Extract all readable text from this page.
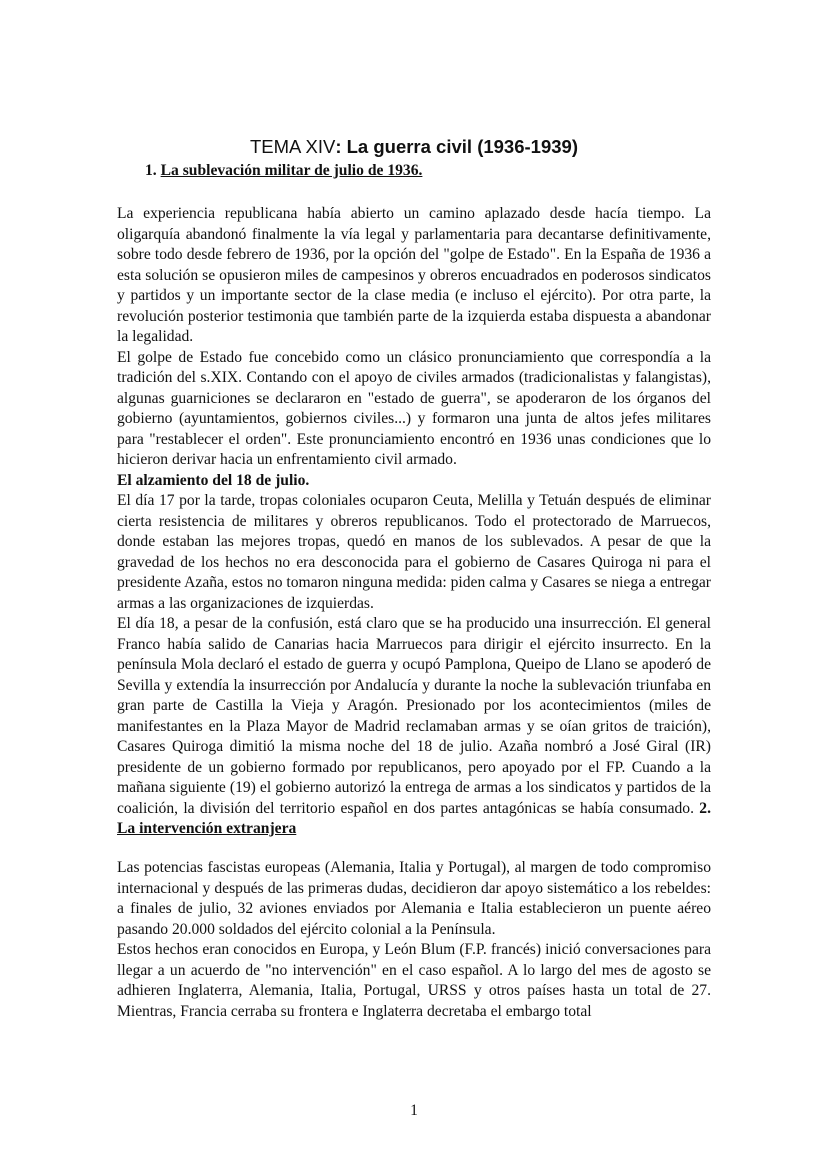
TEMA XIV: La guerra civil (1936-1939)
1. La sublevación militar de julio de 1936.

La experiencia republicana había abierto un camino aplazado desde hacía tiempo. La oligarquía abandonó finalmente la vía legal y parlamentaria para decantarse definitivamente, sobre todo desde febrero de 1936, por la opción del "golpe de Estado". En la España de 1936 a esta solución se opusieron miles de campesinos y obreros encuadrados en poderosos sindicatos y partidos y un importante sector de la clase media (e incluso el ejército). Por otra parte, la revolución posterior testimonia que también parte de la izquierda estaba dispuesta a abandonar la legalidad.

El golpe de Estado fue concebido como un clásico pronunciamiento que correspondía a la tradición del s.XIX. Contando con el apoyo de civiles armados (tradicionalistas y falangistas), algunas guarniciones se declararon en "estado de guerra", se apoderaron de los órganos del gobierno (ayuntamientos, gobiernos civiles...) y formaron una junta de altos jefes militares para "restablecer el orden". Este pronunciamiento encontró en 1936 unas condiciones que lo hicieron derivar hacia un enfrentamiento civil armado.

El alzamiento del 18 de julio.

El día 17 por la tarde, tropas coloniales ocuparon Ceuta, Melilla y Tetuán después de eliminar cierta resistencia de militares y obreros republicanos. Todo el protectorado de Marruecos, donde estaban las mejores tropas, quedó en manos de los sublevados. A pesar de que la gravedad de los hechos no era desconocida para el gobierno de Casares Quiroga ni para el presidente Azaña, estos no tomaron ninguna medida: piden calma y Casares se niega a entregar armas a las organizaciones de izquierdas.

El día 18, a pesar de la confusión, está claro que se ha producido una insurrección. El general Franco había salido de Canarias hacia Marruecos para dirigir el ejército insurrecto. En la península Mola declaró el estado de guerra y ocupó Pamplona, Queipo de Llano se apoderó de Sevilla y extendía la insurrección por Andalucía y durante la noche la sublevación triunfaba en gran parte de Castilla la Vieja y Aragón. Presionado por los acontecimientos (miles de manifestantes en la Plaza Mayor de Madrid reclamaban armas y se oían gritos de traición), Casares Quiroga dimitió la misma noche del 18 de julio. Azaña nombró a José Giral (IR) presidente de un gobierno formado por republicanos, pero apoyado por el FP. Cuando a la mañana siguiente (19) el gobierno autorizó la entrega de armas a los sindicatos y partidos de la coalición, la división del territorio español en dos partes antagónicas se había consumado. 2. La intervención extranjera

Las potencias fascistas europeas (Alemania, Italia y Portugal), al margen de todo compromiso internacional y después de las primeras dudas, decidieron dar apoyo sistemático a los rebeldes: a finales de julio, 32 aviones enviados por Alemania e Italia establecieron un puente aéreo pasando 20.000 soldados del ejército colonial a la Península.

Estos hechos eran conocidos en Europa, y León Blum (F.P. francés) inició conversaciones para llegar a un acuerdo de "no intervención" en el caso español. A lo largo del mes de agosto se adhieren Inglaterra, Alemania, Italia, Portugal, URSS y otros países hasta un total de 27. Mientras, Francia cerraba su frontera e Inglaterra decretaba el embargo total

1
